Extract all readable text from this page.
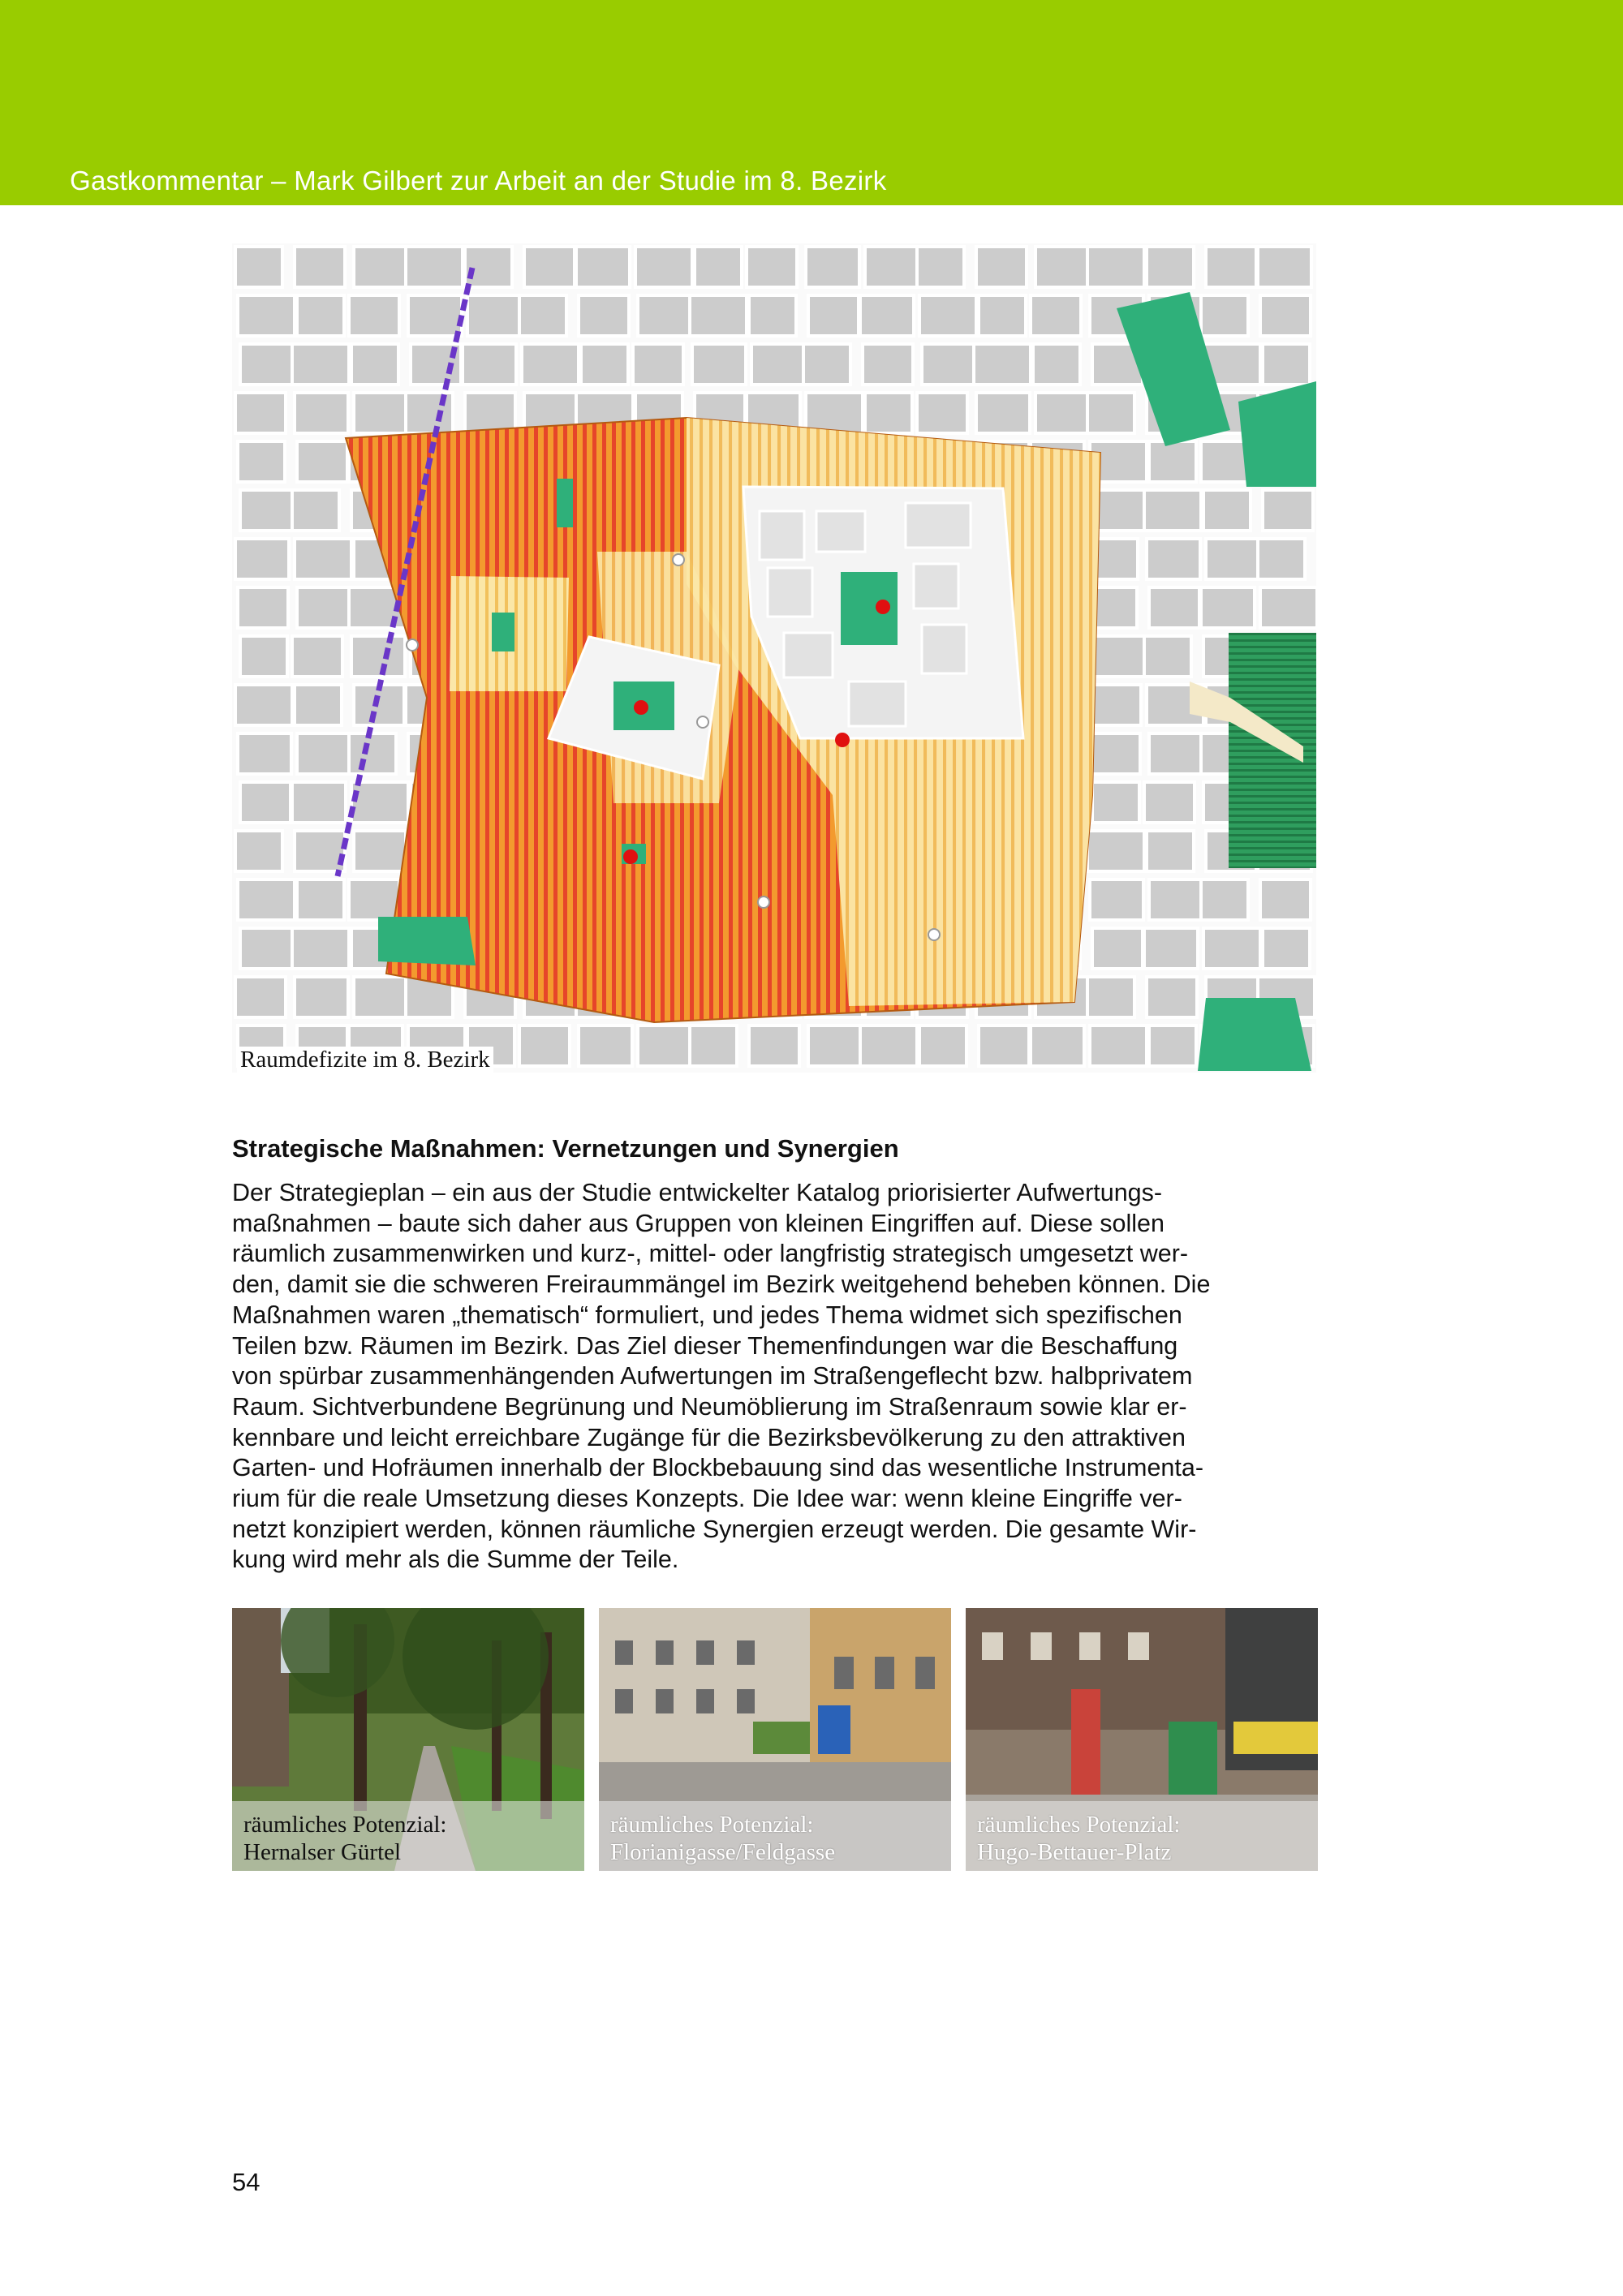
Gastkommentar – Mark Gilbert zur Arbeit an der Studie im 8. Bezirk
Raumdefizite im 8. Bezirk
Strategische Maßnahmen: Vernetzungen und Synergien

Der Strategieplan – ein aus der Studie entwickelter Katalog priorisierter Aufwertungs-

maßnahmen – baute sich daher aus Gruppen von kleinen Eingriffen auf. Diese sollen

räumlich zusammenwirken und kurz-, mittel- oder langfristig strategisch umgesetzt wer-

den, damit sie die schweren Freiraummängel im Bezirk weitgehend beheben können. Die

Maßnahmen waren „thematisch“ formuliert, und jedes Thema widmet sich spezifischen

Teilen bzw. Räumen im Bezirk. Das Ziel dieser Themenfindungen war die Beschaffung

von spürbar zusammenhängenden Aufwertungen im Straßengeflecht bzw. halbprivatem

Raum. Sichtverbundene Begrünung und Neumöblierung im Straßenraum sowie klar er-

kennbare und leicht erreichbare Zugänge für die Bezirksbevölkerung zu den attraktiven

Garten- und Hofräumen innerhalb der Blockbebauung sind das wesentliche Instrumenta-

rium für die reale Umsetzung dieses Konzepts. Die Idee war: wenn kleine Eingriffe ver-

netzt konzipiert werden, können räumliche Synergien erzeugt werden. Die gesamte Wir-

kung wird mehr als die Summe der Teile.

räumliches Potenzial:
Hernalser Gürtel
räumliches Potenzial:
Florianigasse/Feldgasse
räumliches Potenzial:
Hugo-Bettauer-Platz
54
